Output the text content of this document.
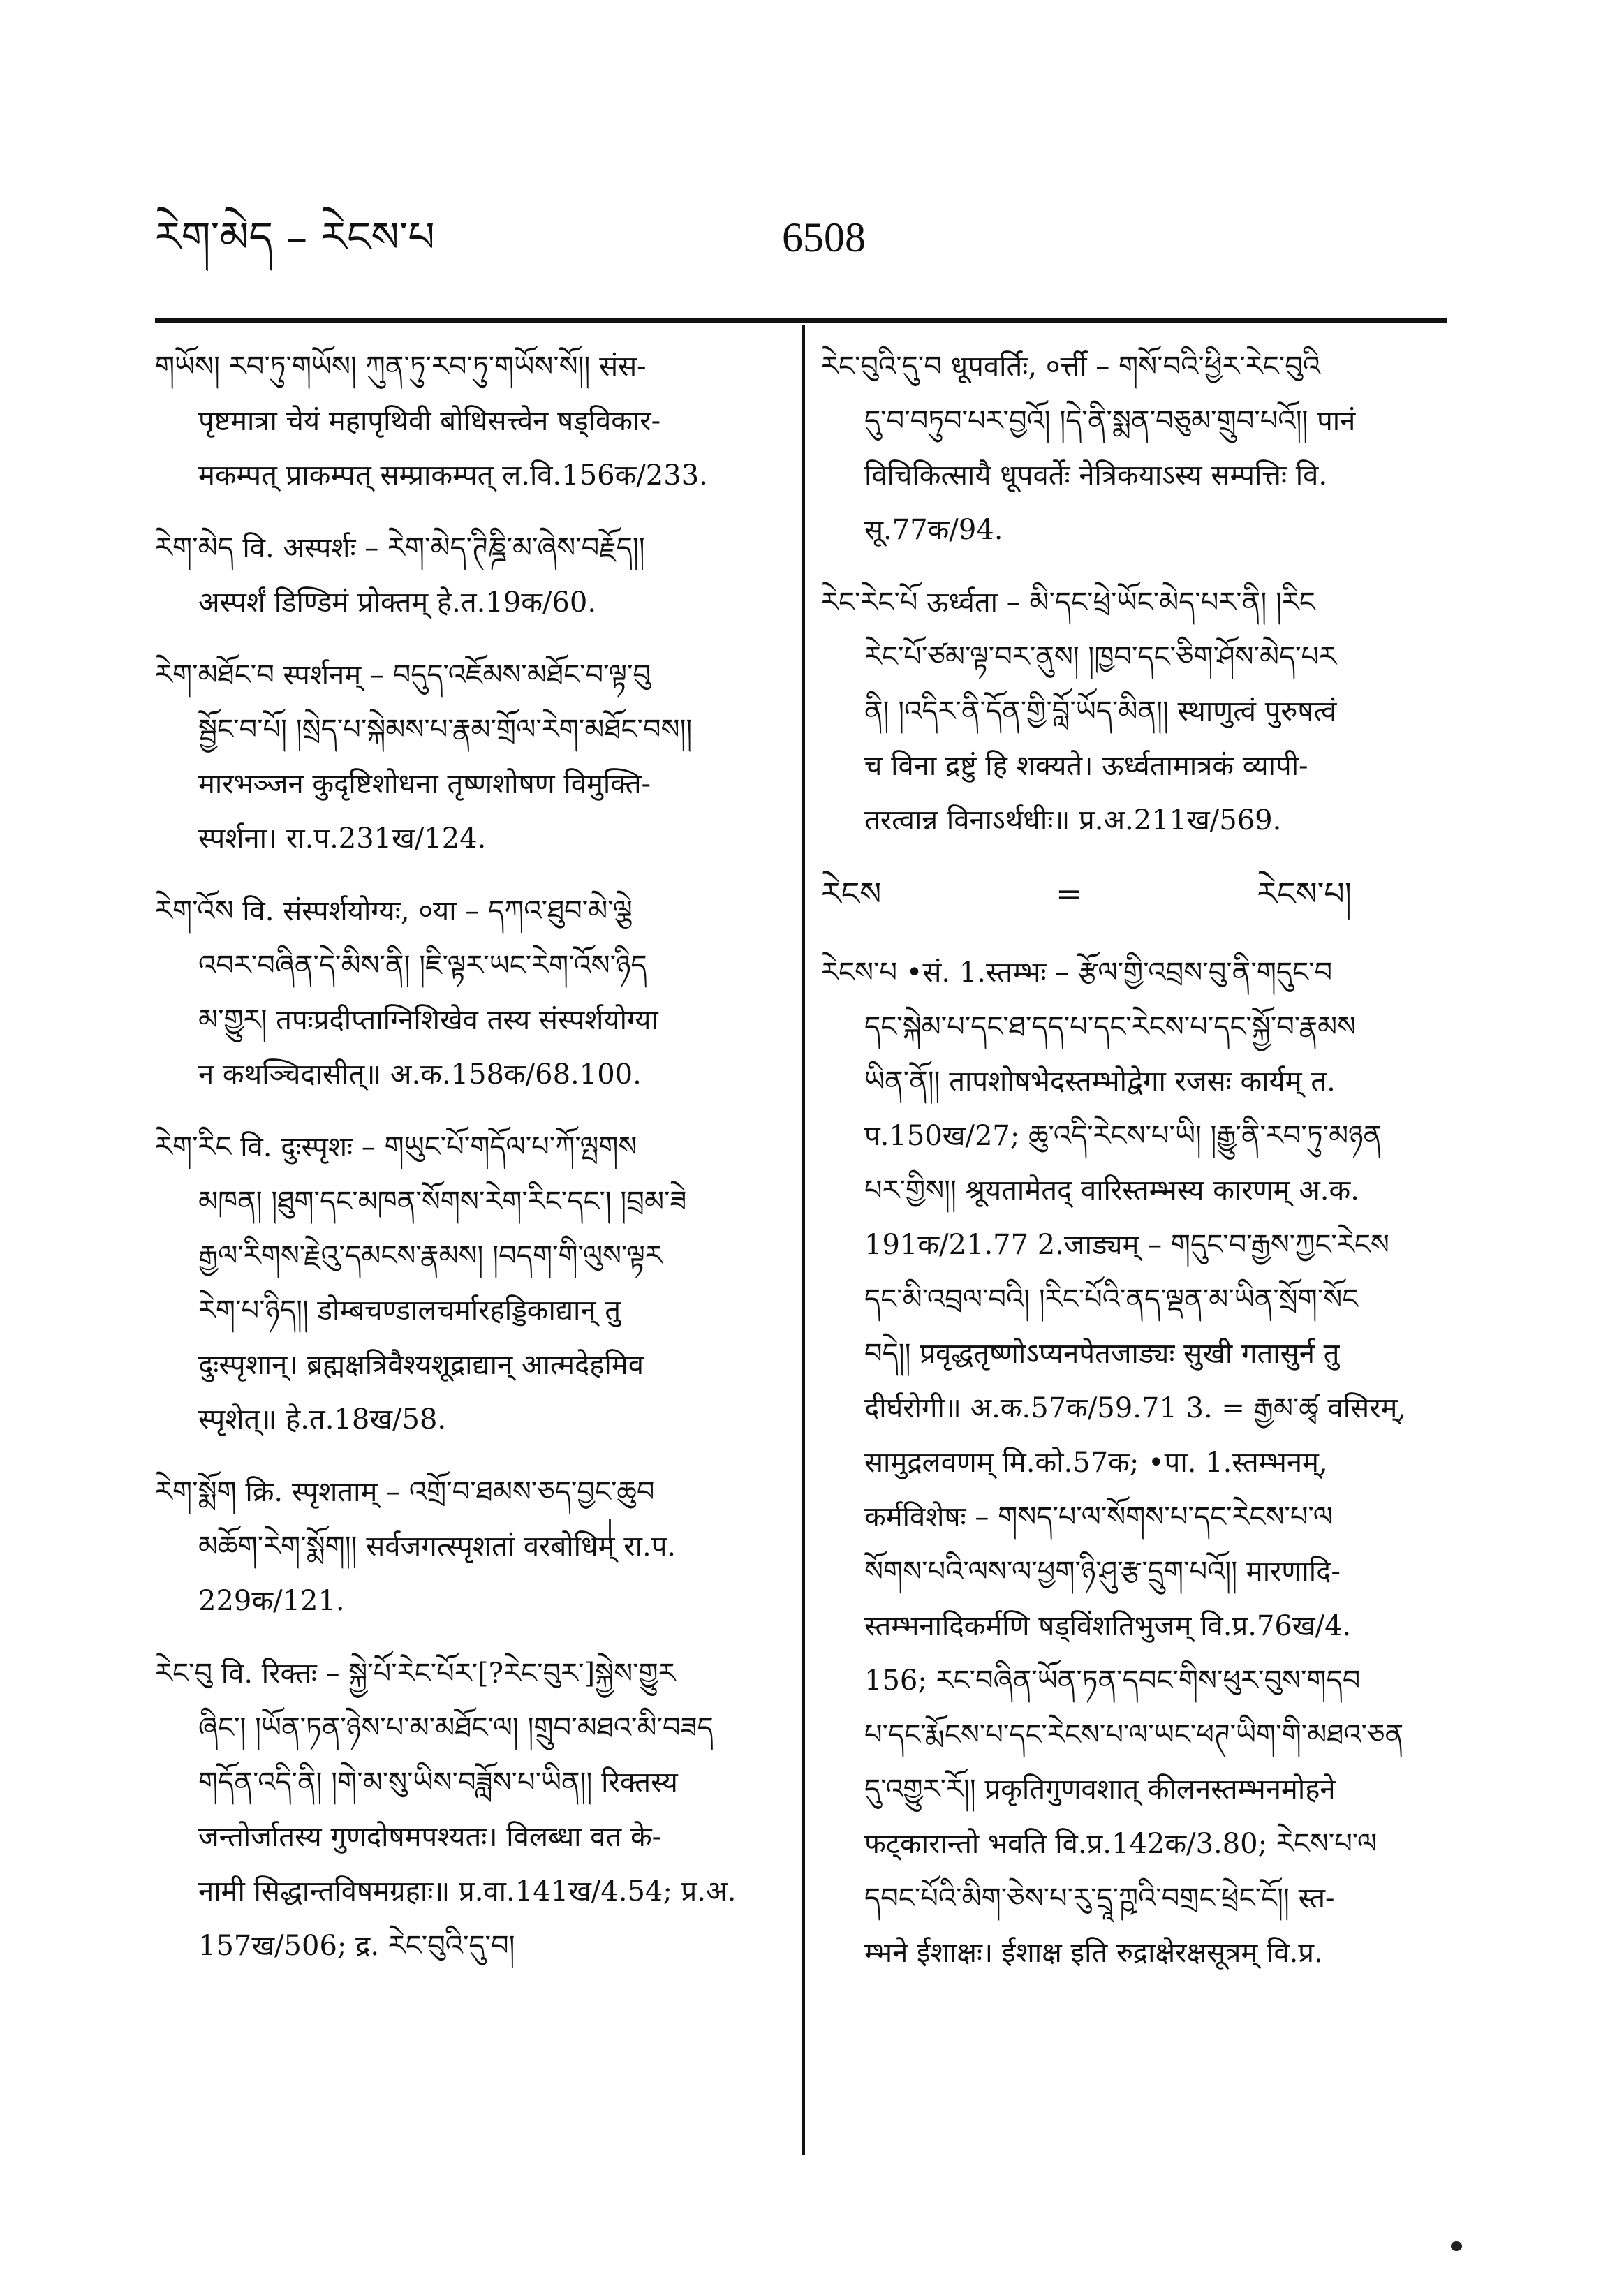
རེག་མེད – རེངས་པ	6508
གཡོས། རབ་ཏུ་གཡོས། ཀུན་ཏུ་རབ་ཏུ་གཡོས་སོ།། संस-
पृष्टमात्रा चेयं महापृथिवी बोधिसत्त्वेन षड्विकार-
मकम्पत् प्राकम्पत् सम्प्राकम्पत् ल.वि.156क/233.
རེག་མེད वि. अस्पर्शः – རེག་མེད་ཊིཎྜི་མ་ཞེས་བརྗོད།།
अस्पर्शं डिण्डिमं प्रोक्तम् हे.त.19क/60.
རེག་མཐོང་བ स्पर्शनम् – བདུད་འཇོམས་མཐོང་བ་ལྟ་བུ
སྦྱོང་བ་པོ། །སྲེད་པ་སྐེམས་པ་རྣམ་གྲོལ་རེག་མཐོང་བས།།
मारभञ्जन कुदृष्टिशोधना तृष्णशोषण विमुक्ति-
स्पर्शना। रा.प.231ख/124.
རེག་འོས वि. संस्पर्शयोग्यः, ०या – དཀའ་ཐུབ་མེ་ལྕེ
འབར་བཞིན་དེ་མིས་ནི། །ཇི་ལྟར་ཡང་རེག་འོས་ཉིད
མ་གྱུར། तपःप्रदीप्ताग्निशिखेव तस्य संस्पर्शयोग्या
न कथञ्चिदासीत्॥ अ.क.158क/68.100.
རེག་རིང वि. दुःस्पृशः – གཡུང་པོ་གདོལ་པ་ཀོ་ལྤགས
མཁན། །ཐུག་དང་མཁན་སོགས་རེག་རིང་དང་། །བྲམ་ཟེ
རྒྱལ་རིགས་རྗེའུ་དམངས་རྣམས། །བདག་གི་ལུས་ལྟར
རེག་པ་ཉིད།། डोम्बचण्डालचर्मारहड्डिकाद्यान् तु
दुःस्पृशान्। ब्रह्मक्षत्रिवैश्यशूद्राद्यान् आत्मदेहमिव
स्पृशेत्॥ हे.त.18ख/58.
རེག་སྨོག क्रि. स्पृशताम् – འགྲོ་བ་ཐམས་ཅད་བྱང་ཆུབ
མཆོག་རེག་སྨོག།། सर्वजगत्स्पृशतां वरबोधिम् रा.प.
229क/121.
རེང་བུ वि. रिक्तः – སྐྱེ་པོ་རེང་པོར་[?རེང་བུར་]སྐྱེས་གྱུར
ཞིང་། །ཡོན་ཏན་ཉེས་པ་མ་མཐོང་ལ། །གྲུབ་མཐའ་མི་བཟད
གདོན་འདི་ནི། །གེ་མ་སུ་ཡིས་བཟློས་པ་ཡིན།། रिक्तस्य
जन्तोर्जातस्य गुणदोषमपश्यतः। विलब्धा वत के-
नामी सिद्धान्तविषमग्रहाः॥ प्र.वा.141ख/4.54; प्र.अ.
157ख/506; द्र. རེང་བུའི་དུ་བ།
རེང་བུའི་དུ་བ धूपवर्तिः, ०र्त्ती – གསོ་བའི་ཕྱིར་རེང་བུའི
དུ་བ་བཏུབ་པར་བྱའོ། །དེ་ནི་སྨན་བཅུམ་གྲུབ་པའོ།། पानं
विचिकित्सायै धूपवर्तेः नेत्रिकयाऽस्य सम्पत्तिः वि.
सू.77क/94.
རེང་རེང་པོ ऊर्ध्वता – མི་དང་ཕྲེ་ཡོང་མེད་པར་ནི། །རིང
རེང་པོ་ཙམ་ལྟ་བར་ནུས། །ཁྱབ་དང་ཅིག་ཤོས་མེད་པར
ནི། །འདིར་ནི་དོན་གྱི་བློ་ཡོད་མིན།། स्थाणुत्वं पुरुषत्वं
च विना द्रष्टुं हि शक्यते। ऊर्ध्वतामात्रकं व्यापी-
तरत्वान्न विनाऽर्थधीः॥ प्र.अ.211ख/569.
རེངས	=	རེངས་པ།
རེངས་པ •सं. 1.स्तम्भः – རྩོལ་གྱི་འབྲས་བུ་ནི་གདུང་བ
དང་སྐེམ་པ་དང་ཐ་དད་པ་དང་རེངས་པ་དང་སྐྱོ་བ་རྣམས
ཡིན་ནོ།། तापशोषभेदस्तम्भोद्वेगा रजसः कार्यम् त.
प.150ख/27; ཆུ་འདི་རེངས་པ་ཡི། །རྒྱུ་ནི་རབ་ཏུ་མཉན
པར་གྱིས།། श्रूयतामेतद् वारिस्तम्भस्य कारणम् अ.क.
191क/21.77 2.जाड्यम् – གདུང་བ་རྒྱས་ཀྱང་རེངས
དང་མི་འབྲལ་བའི། །རིང་པོའི་ནད་ལྡན་མ་ཡིན་སྲོག་སོང
བདེ།། प्रवृद्धतृष्णोऽप्यनपेतजाड्यः सुखी गतासुर्न तु
दीर्घरोगी॥ अ.क.57क/59.71 3. = རྒྱམ་ཚྭ वसिरम्,
सामुद्रलवणम् मि.को.57क; •पा. 1.स्तम्भनम्,
कर्मविशेषः – གསད་པ་ལ་སོགས་པ་དང་རེངས་པ་ལ
སོགས་པའི་ལས་ལ་ཕྱག་ཉི་ཤུ་རྩ་དྲུག་པའོ།། मारणादि-
स्तम्भनादिकर्मणि षड्विंशतिभुजम् वि.प्र.76ख/4.
156; རང་བཞིན་ཡོན་ཏན་དབང་གིས་ཕུར་བུས་གདབ
པ་དང་རྨོངས་པ་དང་རེངས་པ་ལ་ཡང་ཕཊ་ཡིག་གི་མཐའ་ཅན
དུ་འགྱུར་རོ།། प्रकृतिगुणवशात् कीलनस्तम्भनमोहने
फट्कारान्तो भवति वि.प्र.142क/3.80; རེངས་པ་ལ
དབང་པོའི་མིག་ཅེས་པ་རུ་དྲཱ་ཀྵའི་བགྲང་ཕྲེང་ངོ།། स्त-
म्भने ईशाक्षः। ईशाक्ष इति रुद्राक्षेरक्षसूत्रम् वि.प्र.
